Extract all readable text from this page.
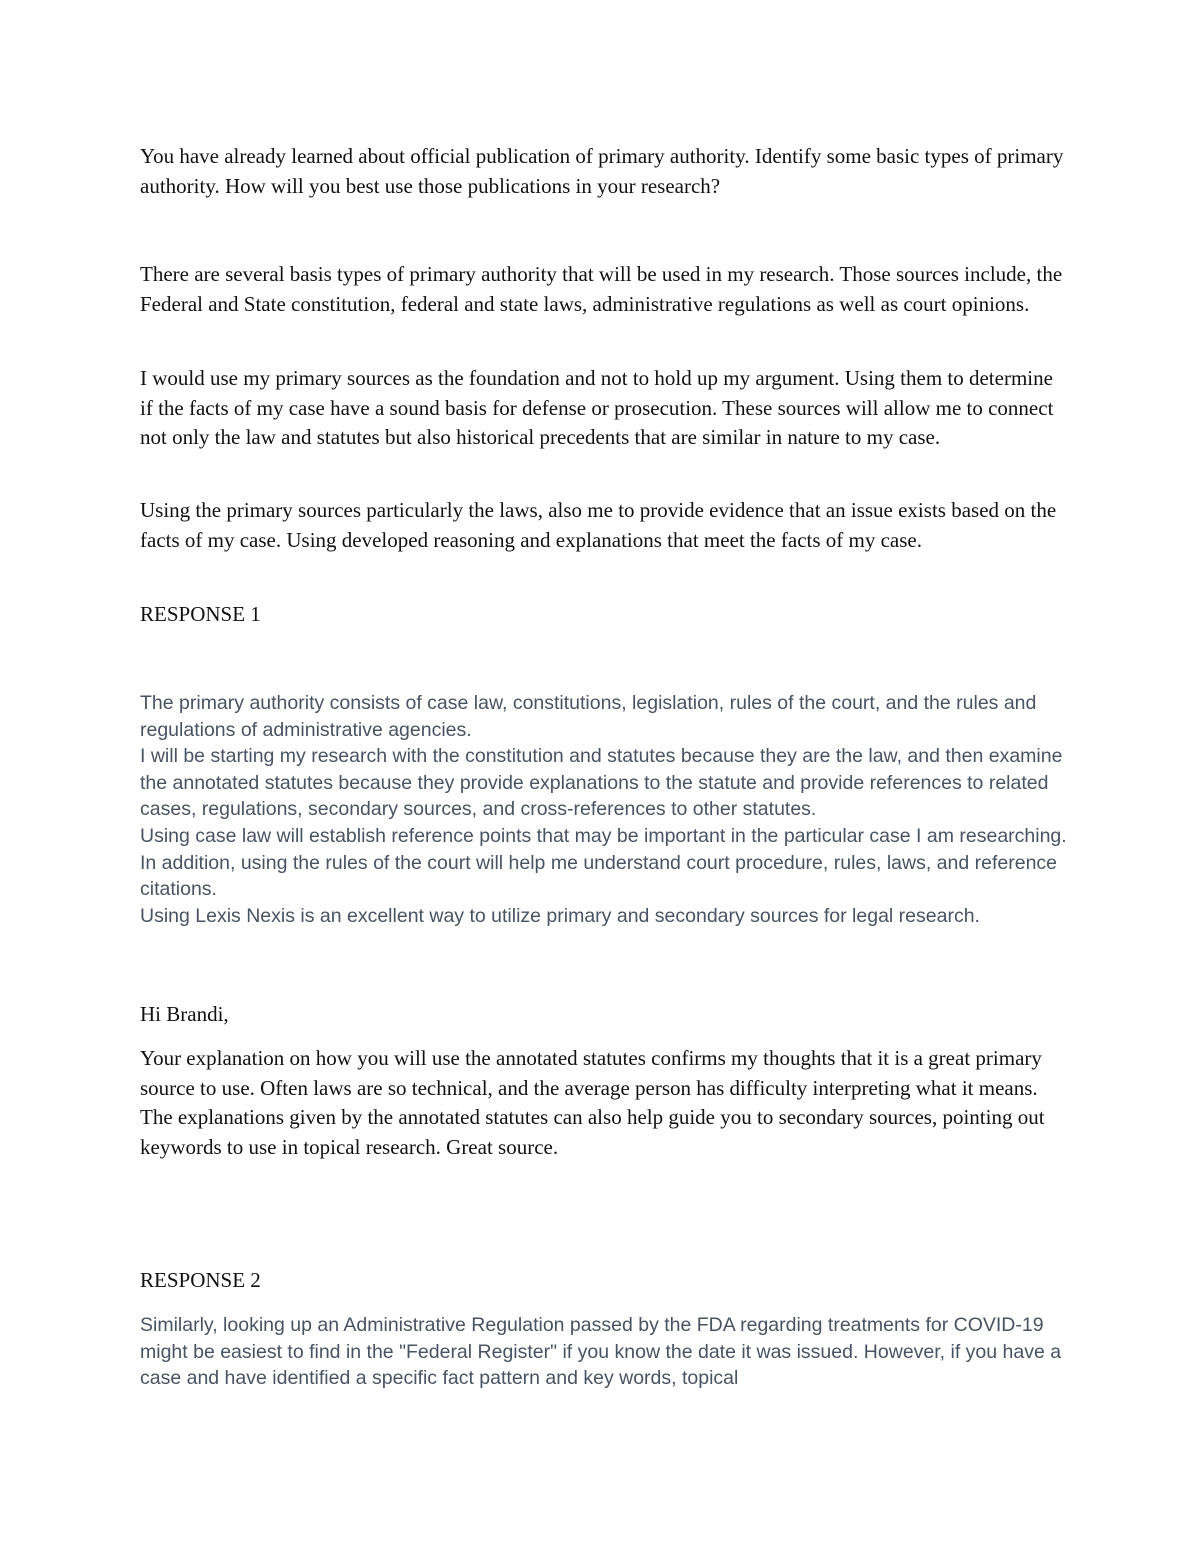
You have already learned about official publication of primary authority. Identify some basic types of primary authority. How will you best use those publications in your research?

There are several basis types of primary authority that will be used in my research. Those sources include, the Federal and State constitution, federal and state laws, administrative regulations as well as court opinions.

I would use my primary sources as the foundation and not to hold up my argument. Using them to determine if the facts of my case have a sound basis for defense or prosecution. These sources will allow me to connect not only the law and statutes but also historical precedents that are similar in nature to my case.

Using the primary sources particularly the laws, also me to provide evidence that an issue exists based on the facts of my case. Using developed reasoning and explanations that meet the facts of my case.

RESPONSE 1

The primary authority consists of case law, constitutions, legislation, rules of the court, and the rules and regulations of administrative agencies.

I will be starting my research with the constitution and statutes because they are the law, and then examine the annotated statutes because they provide explanations to the statute and provide references to related cases, regulations, secondary sources, and cross-references to other statutes.

Using case law will establish reference points that may be important in the particular case I am researching. In addition, using the rules of the court will help me understand court procedure, rules, laws, and reference citations.

Using Lexis Nexis is an excellent way to utilize primary and secondary sources for legal research.

Hi Brandi,

Your explanation on how you will use the annotated statutes confirms my thoughts that it is a great primary source to use. Often laws are so technical, and the average person has difficulty interpreting what it means. The explanations given by the annotated statutes can also help guide you to secondary sources, pointing out keywords to use in topical research. Great source.

RESPONSE 2

Similarly, looking up an Administrative Regulation passed by the FDA regarding treatments for COVID-19 might be easiest to find in the "Federal Register" if you know the date it was issued. However, if you have a case and have identified a specific fact pattern and key words, topical
